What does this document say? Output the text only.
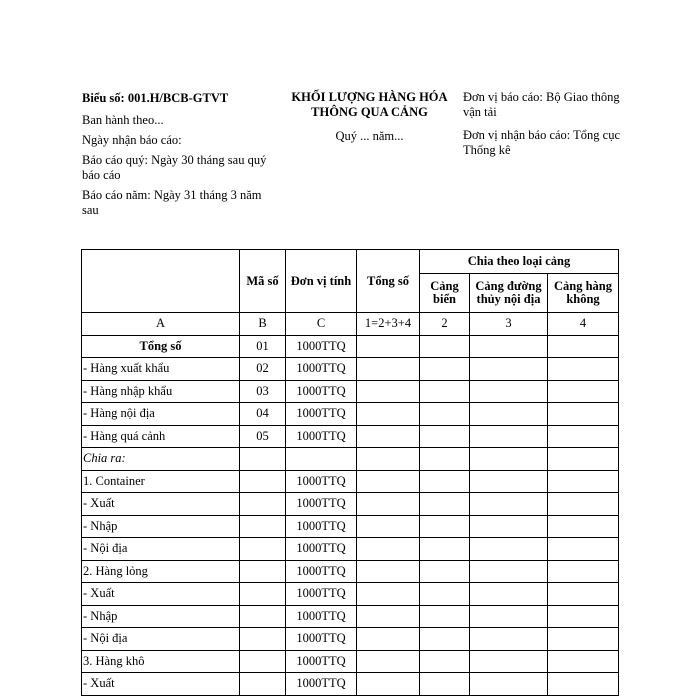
Biểu số: 001.H/BCB-GTVT

Ban hành theo...

Ngày nhận báo cáo:

Báo cáo quý: Ngày 30 tháng sau quý báo cáo

Báo cáo năm: Ngày 31 tháng 3 năm sau

KHỐI LƯỢNG HÀNG HÓA THÔNG QUA CẢNG

Quý ... năm...

Đơn vị báo cáo: Bộ Giao thông vận tải

Đơn vị nhận báo cáo: Tổng cục Thống kê

	Mã số	Đơn vị tính	Tổng số	Chia theo loại cảng		
				Cảng biển	Cảng đường thủy nội địa	Cảng hàng không
A	B	C	1=2+3+4	2	3	4
Tổng số	01	1000TTQ				
- Hàng xuất khẩu	02	1000TTQ				
- Hàng nhập khẩu	03	1000TTQ				
- Hàng nội địa	04	1000TTQ				
- Hàng quá cảnh	05	1000TTQ				
Chia ra:						
1. Container		1000TTQ				
- Xuất		1000TTQ				
- Nhập		1000TTQ				
- Nội địa		1000TTQ				
2. Hàng lỏng		1000TTQ				
- Xuất		1000TTQ				
- Nhập		1000TTQ				
- Nội địa		1000TTQ				
3. Hàng khô		1000TTQ				
- Xuất		1000TTQ				
